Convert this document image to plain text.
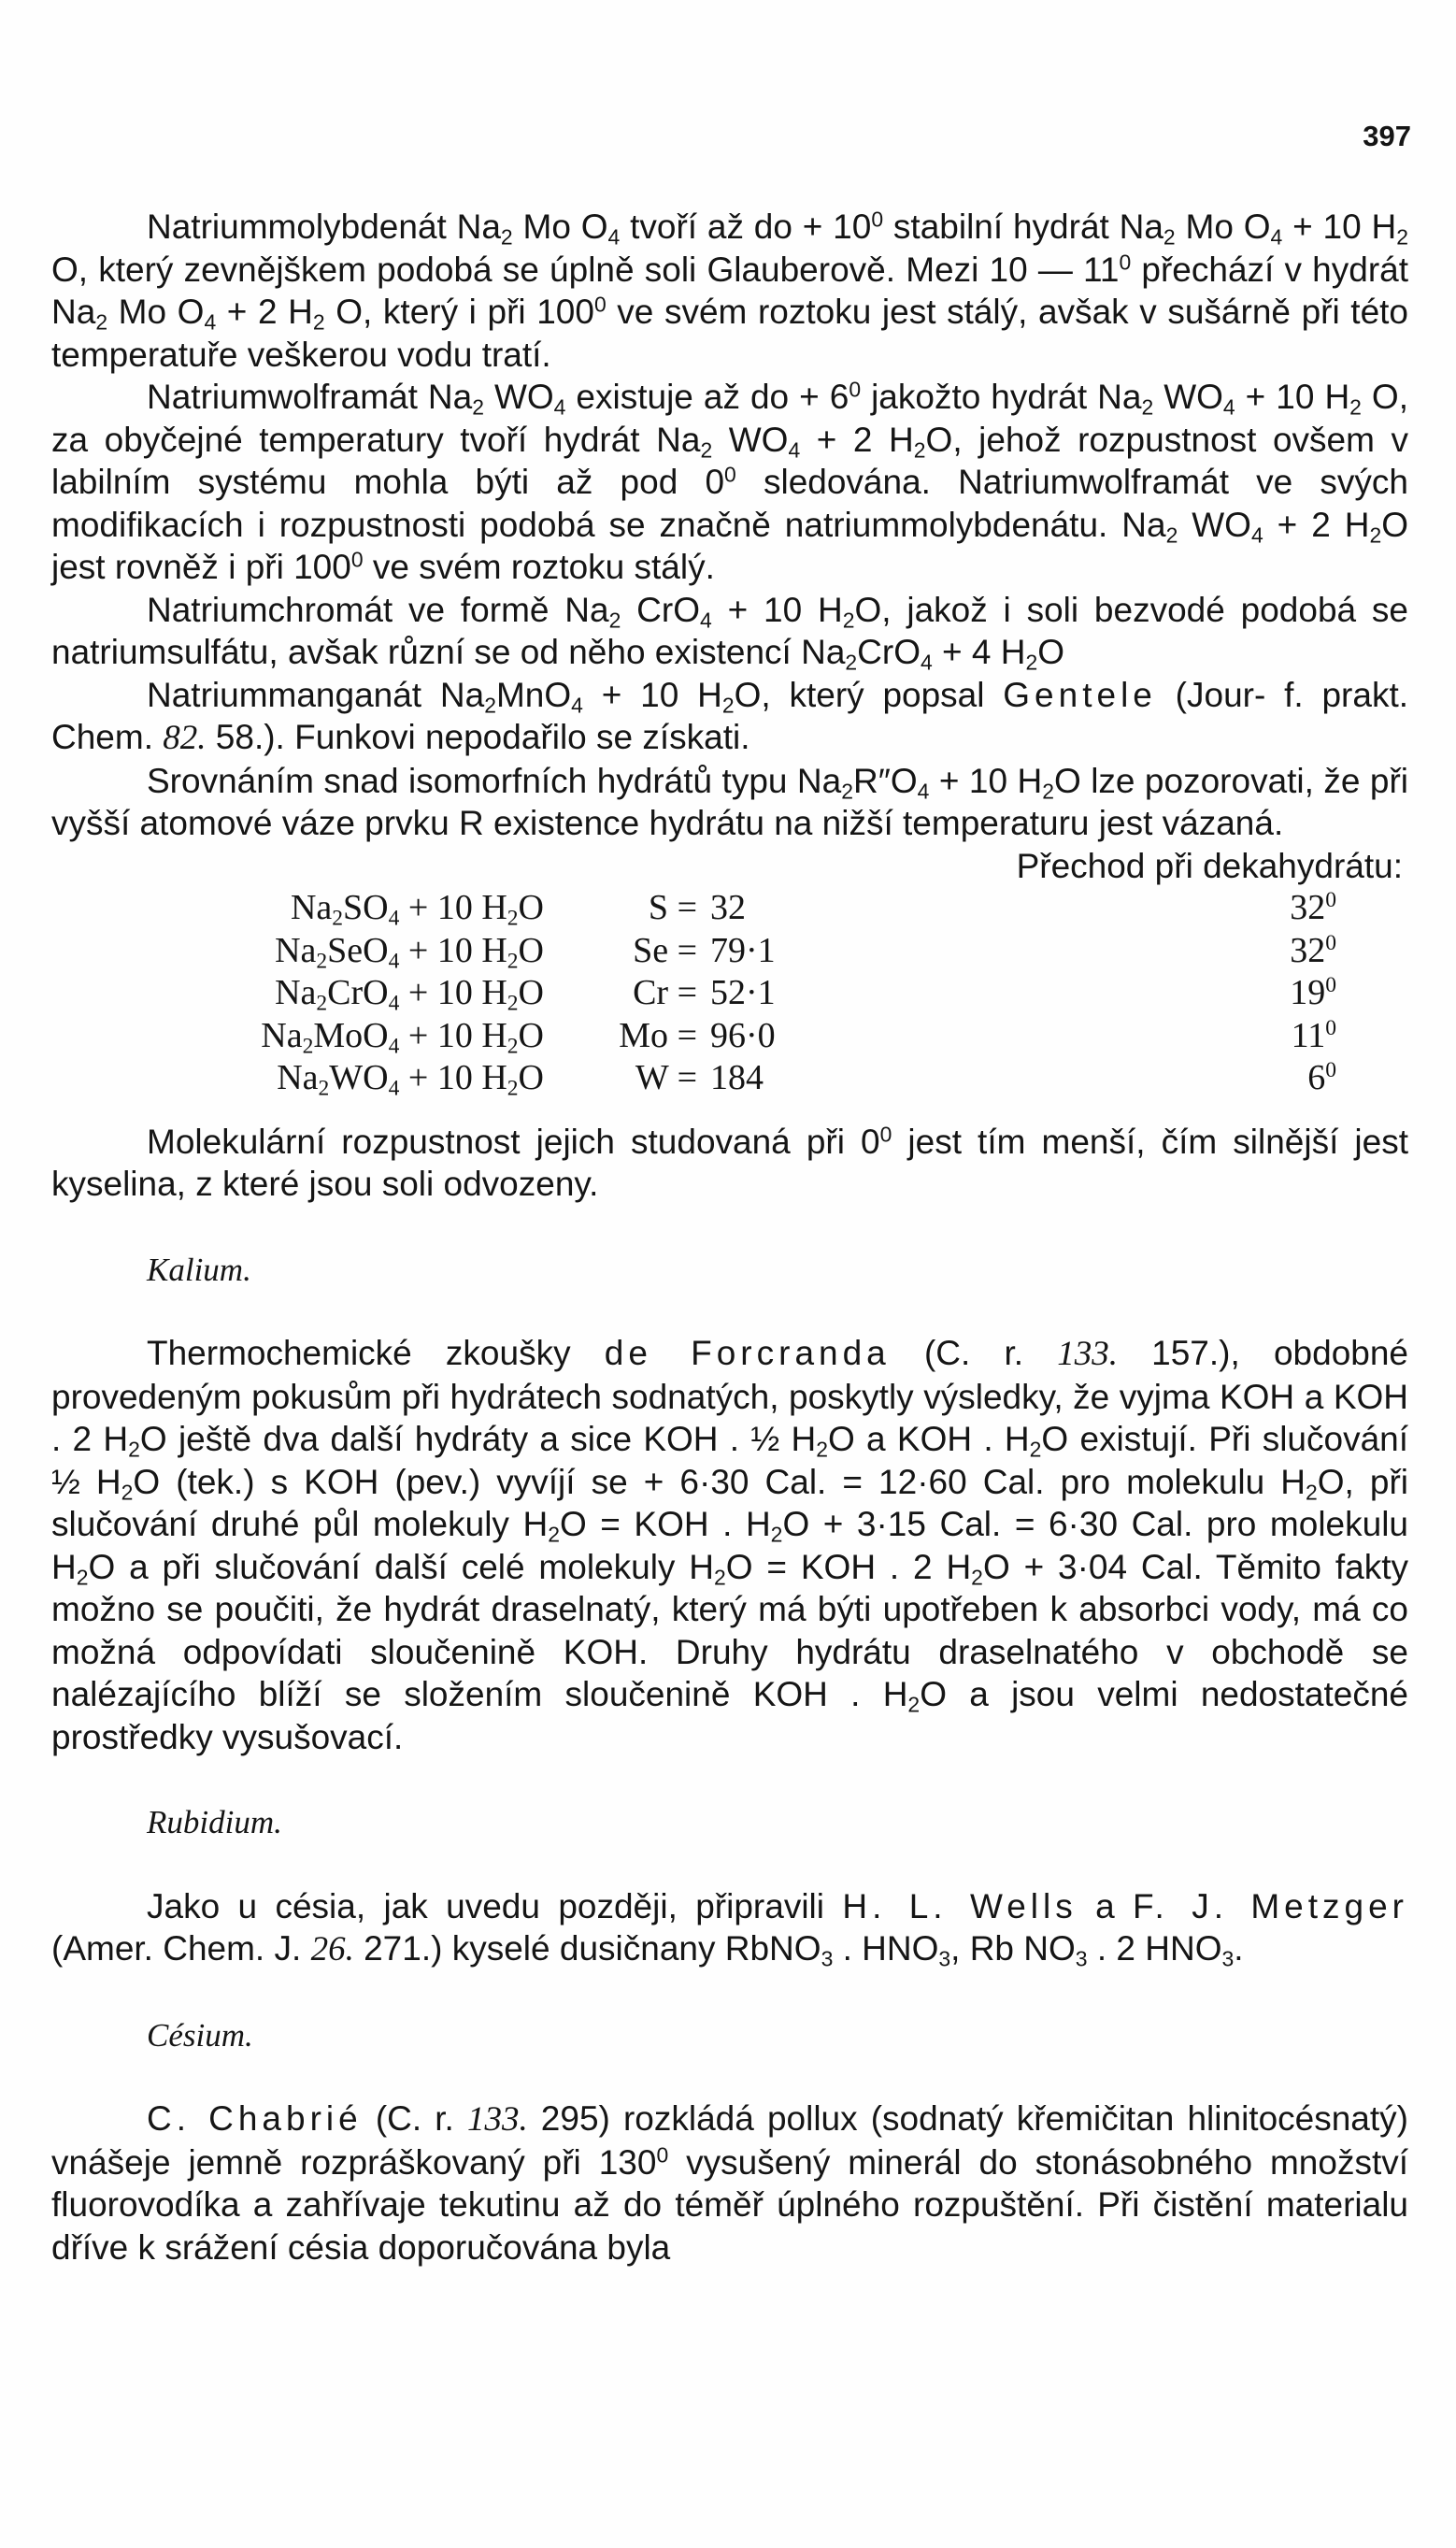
397

Natriummolybdenát $Na_2$ Mo $O_4$ tvoří až do + $10^0$ stabilní hydrát $Na_2$ Mo $O_4 + 10$ $H_2$ O, který zevnějškem podobá se úplně soli Glauberově. Mezi 10 — $11^0$ přechází v hydrát $Na_2$ Mo $O_4 + 2$ $H_2$ O, který i při $100^0$ ve svém roztoku jest stálý, avšak v sušárně při této temperatuře veškerou vodu tratí.

Natriumwolframát $Na_2$ $WO_4$ existuje až do + $6^0$ jakožto hydrát $Na_2$ $WO_4 + 10$ $H_2$ O, za obyčejné temperatury tvoří hydrát $Na_2$ $WO_4 + 2$ $H_2O$, jehož rozpustnost ovšem v labilním systému mohla býti až pod $0^0$ sledována. Natriumwolframát ve svých modifikacích i rozpustnosti podobá se značně natriummolybdenátu. $Na_2$ $WO_4 + 2$ $H_2O$ jest rovněž i při $100^0$ ve svém roztoku stálý.

Natriumchromát ve formě $Na_2$ CrO$_4$ + 10 $H_2O$, jakož i soli bezvodé podobá se natriumsulfátu, avšak různí se od něho existencí $Na_2CrO_4 + 4$ $H_2O$

Natriummanganát $Na_2MnO_4 + 10$ $H_2O$, který popsal Gentele (Jour- f. prakt. Chem. 82. 58.). Funkovi nepodařilo se získati.

Srovnáním snad isomorfních hydrátů typu $Na_2R''O_4 + 10$ $H_2O$ lze pozorovati, že při vyšší atomové váze prvku R existence hydrátu na nižší temperaturu jest vázaná.

Přechod při dekahydrátu:
$Na_2SO_4 + 10$ $H_2O$	S =	32	$32^0$
$Na_2SeO_4 + 10$ $H_2O$	Se =	79·1	$32^0$
$Na_2CrO_4 + 10$ $H_2O$	Cr =	52·1	$19^0$
$Na_2MoO_4 + 10$ $H_2O$	Mo =	96·0	$11^0$
$Na_2WO_4 + 10$ $H_2O$	W =	184	$6^0$

Molekulární rozpustnost jejich studovaná při $0^0$ jest tím menší, čím silnější jest kyselina, z které jsou soli odvozeny.

Kalium.

Thermochemické zkoušky de Forcranda (C. r. 133. 157.), obdobné provedeným pokusům při hydrátech sodnatých, poskytly výsledky, že vyjma KOH a KOH . 2 $H_2O$ ještě dva další hydráty a sice KOH . ½ $H_2O$ a KOH . $H_2O$ existují. Při slučování ½ $H_2O$ (tek.) s KOH (pev.) vyvíjí se + 6·30 Cal. = 12·60 Cal. pro molekulu $H_2O$, při slučování druhé půl molekuly $H_2O$ = KOH . $H_2O + 3\cdot 15$ Cal. = 6·30 Cal. pro molekulu $H_2O$ a při slučování další celé molekuly $H_2O$ = KOH . 2 $H_2O + 3\cdot 04$ Cal. Těmito fakty možno se poučiti, že hydrát draselnatý, který má býti upotřeben k absorbci vody, má co možná odpovídati sloučenině KOH. Druhy hydrátu draselnatého v obchodě se nalézajícího blíží se složením sloučenině KOH . $H_2O$ a jsou velmi nedostatečné prostředky vysušovací.

Rubidium.

Jako u césia, jak uvedu později, připravili H. L. Wells a F. J. Metzger (Amer. Chem. J. 26. 271.) kyselé dusičnany RbNO$_3$ . $HNO_3$, Rb $NO_3$ . 2 $HNO_3$.

Césium.

C. Chabrié (C. r. 133. 295) rozkládá pollux (sodnatý křemičitan hlinitocésnatý) vnášeje jemně rozpráškovaný při $130^0$ vysušený minerál do stonásobného množství fluorovodíka a zahřívaje tekutinu až do téměř úplného rozpuštění. Při čistění materialu dříve k srážení césia doporučována byla
